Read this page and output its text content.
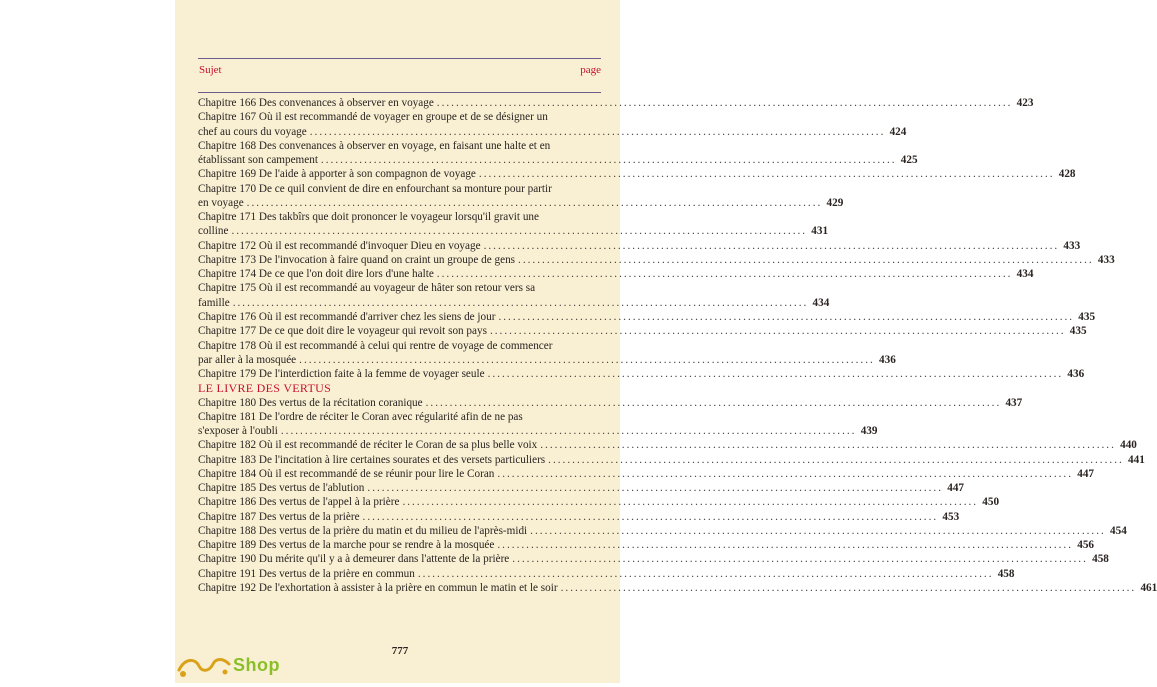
Sujet	page
Chapitre 166 Des convenances à observer en voyage ........................................................................................................................ 423
Chapitre 167 Où il est recommandé de voyager en groupe et de se désigner un
chef au cours du voyage ........................................................................................................................ 424
Chapitre 168 Des convenances à observer en voyage, en faisant une halte et en
établissant son campement ........................................................................................................................ 425
Chapitre 169 De l'aide à apporter à son compagnon de voyage ........................................................................................................................ 428
Chapitre 170 De ce quil convient de dire en enfourchant sa monture pour partir
en voyage ........................................................................................................................ 429
Chapitre 171 Des takbîrs que doit prononcer le voyageur lorsqu'il gravit une
colline ........................................................................................................................ 431
Chapitre 172 Où il est recommandé d'invoquer Dieu en voyage ........................................................................................................................ 433
Chapitre 173 De l'invocation à faire quand on craint un groupe de gens ........................................................................................................................ 433
Chapitre 174 De ce que l'on doit dire lors d'une halte ........................................................................................................................ 434
Chapitre 175 Où il est recommandé au voyageur de hâter son retour vers sa
famille ........................................................................................................................ 434
Chapitre 176 Où il est recommandé d'arriver chez les siens de jour ........................................................................................................................ 435
Chapitre 177 De ce que doit dire le voyageur qui revoit son pays ........................................................................................................................ 435
Chapitre 178 Où il est recommandé à celui qui rentre de voyage de commencer
par aller à la mosquée ........................................................................................................................ 436
Chapitre 179 De l'interdiction faite à la femme de voyager seule ........................................................................................................................ 436
LE LIVRE DES VERTUS
Chapitre 180 Des vertus de la récitation coranique ........................................................................................................................ 437
Chapitre 181 De l'ordre de réciter le Coran avec régularité afin de ne pas
s'exposer à l'oubli ........................................................................................................................ 439
Chapitre 182 Où il est recommandé de réciter le Coran de sa plus belle voix ........................................................................................................................ 440
Chapitre 183 De l'incitation à lire certaines sourates et des versets particuliers ........................................................................................................................ 441
Chapitre 184 Où il est recommandé de se réunir pour lire le Coran ........................................................................................................................ 447
Chapitre 185 Des vertus de l'ablution ........................................................................................................................ 447
Chapitre 186 Des vertus de l'appel à la prière ........................................................................................................................ 450
Chapitre 187 Des vertus de la prière ........................................................................................................................ 453
Chapitre 188 Des vertus de la prière du matin et du milieu de l'après-midi ........................................................................................................................ 454
Chapitre 189 Des vertus de la marche pour se rendre à la mosquée ........................................................................................................................ 456
Chapitre 190 Du mérite qu'il y a à demeurer dans l'attente de la prière ........................................................................................................................ 458
Chapitre 191 Des vertus de la prière en commun ........................................................................................................................ 458
Chapitre 192 De l'exhortation à assister à la prière en commun le matin et le soir ........................................................................................................................ 461
777
Shop
